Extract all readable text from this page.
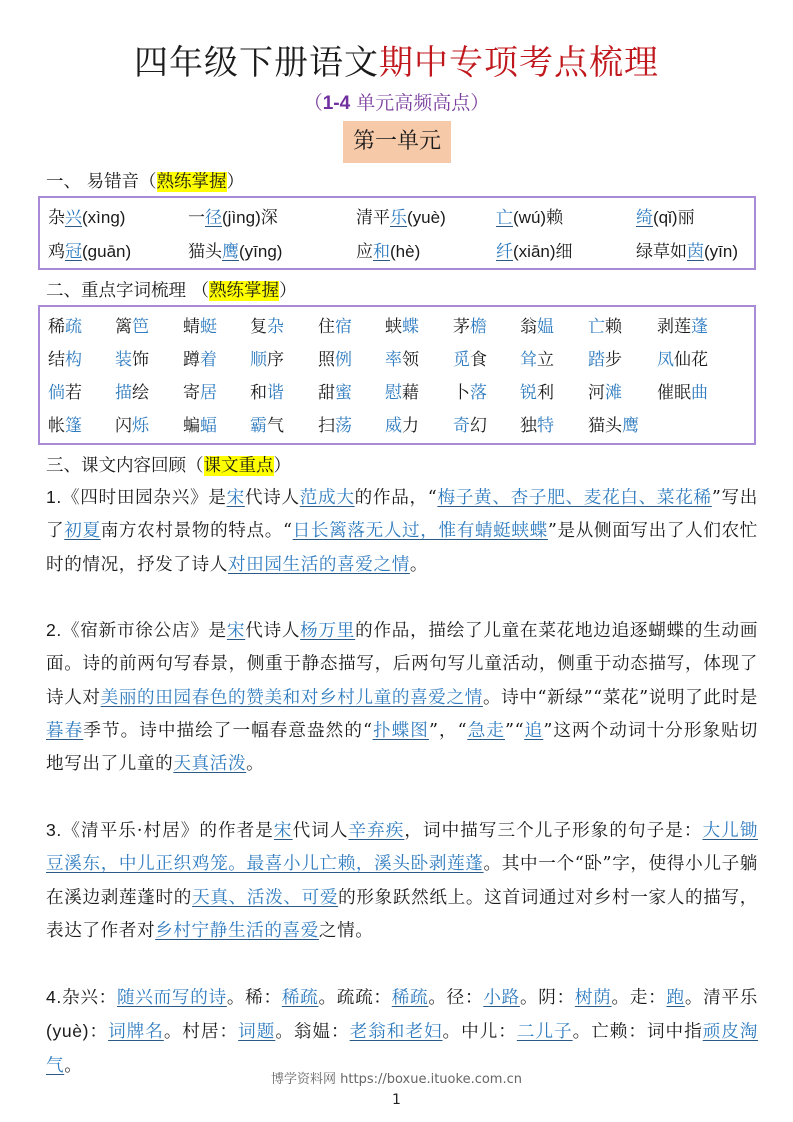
四年级下册语文期中专项考点梳理
（1-4 单元高频高点）
第一单元
一、 易错音（熟练掌握）
杂兴(xìng)	一径(jìng)深	清平乐(yuè)	亡(wú)赖	绮(qǐ)丽
鸡冠(guān)	猫头鹰(yīng)	应和(hè)	纤(xiān)细	绿草如茵(yīn)
二、重点字词梳理 （熟练掌握）
稀疏	篱笆	蜻蜓	复杂	住宿	蛱蝶	茅檐	翁媪	亡赖	剥莲蓬
结构	装饰	蹲着	顺序	照例	率领	觅食	耸立	踏步	凤仙花
倘若	描绘	寄居	和谐	甜蜜	慰藉	卜落	锐利	河滩	催眠曲
帐篷	闪烁	蝙蝠	霸气	扫荡	威力	奇幻	独特	猫头鹰
三、课文内容回顾（课文重点）
1.《四时田园杂兴》是宋代诗人范成大的作品，“梅子黄、杏子肥、麦花白、菜花稀”写出了初夏南方农村景物的特点。“日长篱落无人过，惟有蜻蜓蛱蝶”是从侧面写出了人们农忙时的情况，抒发了诗人对田园生活的喜爱之情。
2.《宿新市徐公店》是宋代诗人杨万里的作品，描绘了儿童在菜花地边追逐蝴蝶的生动画面。诗的前两句写春景，侧重于静态描写，后两句写儿童活动，侧重于动态描写，体现了诗人对美丽的田园春色的赞美和对乡村儿童的喜爱之情。诗中“新绿”“菜花”说明了此时是暮春季节。诗中描绘了一幅春意盎然的“扑蝶图”，“急走”“追”这两个动词十分形象贴切地写出了儿童的天真活泼。
3.《清平乐·村居》的作者是宋代词人辛弃疾，词中描写三个儿子形象的句子是：大儿锄豆溪东，中儿正织鸡笼。最喜小儿亡赖，溪头卧剥莲蓬。其中一个“卧”字，使得小儿子躺在溪边剥莲蓬时的天真、活泼、可爱的形象跃然纸上。这首词通过对乡村一家人的描写，表达了作者对乡村宁静生活的喜爱之情。
4.杂兴：随兴而写的诗。稀：稀疏。疏疏：稀疏。径：小路。阴：树荫。走：跑。清平乐(yuè)：词牌名。村居：词题。翁媪：老翁和老妇。中儿：二儿子。亡赖：词中指顽皮淘气。
博学资料网 https://boxue.ituoke.com.cn
1
